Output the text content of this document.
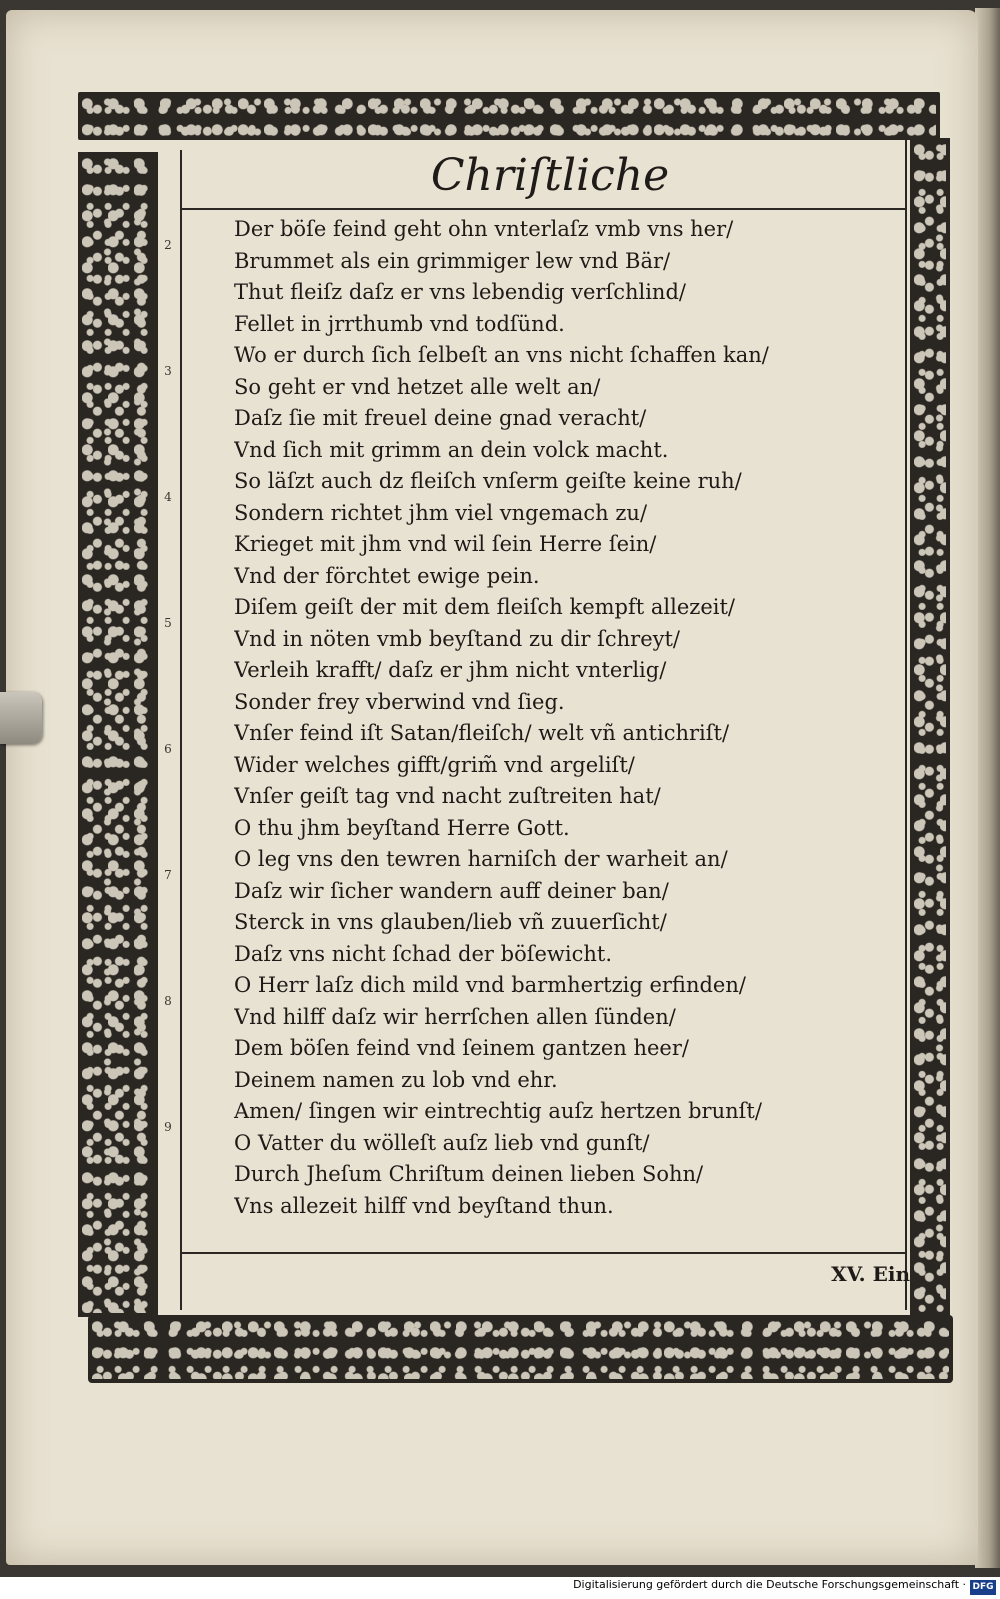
Chriſtliche
2
3
4
5
6
7
8
9
Der böſe feind geht ohn vnterlaſz vmb vns her/
Brummet als ein grimmiger lew vnd Bär/
Thut fleiſz daſz er vns lebendig verſchlind/
Fellet in jrrthumb vnd todſünd.
Wo er durch ſich ſelbeſt an vns nicht ſchaffen kan/
So geht er vnd hetzet alle welt an/
Daſz ſie mit freuel deine gnad veracht/
Vnd ſich mit grimm an dein volck macht.
So läſzt auch dz fleiſch vnſerm geiſte keine ruh/
Sondern richtet jhm viel vngemach zu/
Krieget mit jhm vnd wil ſein Herre ſein/
Vnd der förchtet ewige pein.
Diſem geiſt der mit dem fleiſch kempft allezeit/
Vnd in nöten vmb beyſtand zu dir ſchreyt/
Verleih krafft/ daſz er jhm nicht vnterlig/
Sonder frey vberwind vnd ſieg.
Vnſer feind iſt Satan/fleiſch/ welt vñ antichriſt/
Wider welches gifft/grim̃ vnd argeliſt/
Vnſer geiſt tag vnd nacht zuſtreiten hat/
O thu jhm beyſtand Herre Gott.
O leg vns den tewren harniſch der warheit an/
Daſz wir ſicher wandern auff deiner ban/
Sterck in vns glauben/lieb vñ zuuerſicht/
Daſz vns nicht ſchad der böſewicht.
O Herr laſz dich mild vnd barmhertzig erfinden/
Vnd hilff daſz wir herrſchen allen ſünden/
Dem böſen feind vnd ſeinem gantzen heer/
Deinem namen zu lob vnd ehr.
Amen/ ſingen wir eintrechtig auſz hertzen brunſt/
O Vatter du wölleſt auſz lieb vnd gunſt/
Durch Jheſum Chriſtum deinen lieben Sohn/
Vns allezeit hilff vnd beyſtand thun.
XV. Ein
Digitalisierung gefördert durch die Deutsche Forschungsgemeinschaft · DFG
